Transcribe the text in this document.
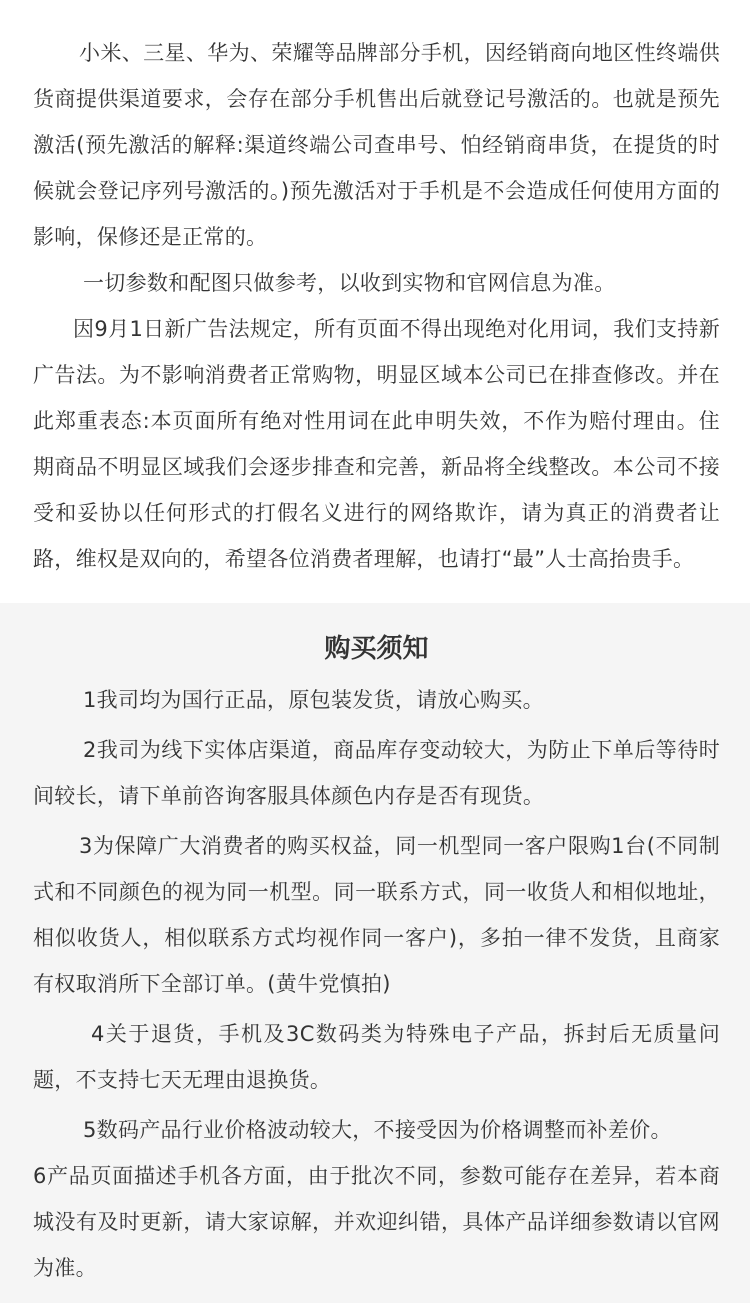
小米、三星、华为、荣耀等品牌部分手机，因经销商向地区性终端供货商提供渠道要求，会存在部分手机售出后就登记号激活的。也就是预先激活(预先激活的解释:渠道终端公司查串号、怕经销商串货，在提货的时候就会登记序列号激活的。)预先激活对于手机是不会造成任何使用方面的影响，保修还是正常的。

一切参数和配图只做参考，以收到实物和官网信息为准。

因9月1日新广告法规定，所有页面不得出现绝对化用词，我们支持新广告法。为不影响消费者正常购物，明显区域本公司已在排查修改。并在此郑重表态:本页面所有绝对性用词在此申明失效，不作为赔付理由。住期商品不明显区域我们会逐步排查和完善，新品将全线整改。本公司不接受和妥协以任何形式的打假名义进行的网络欺诈，请为真正的消费者让路，维权是双向的，希望各位消费者理解，也请打“最”人士高抬贵手。

购买须知

1我司均为国行正品，原包装发货，请放心购买。

2我司为线下实体店渠道，商品库存变动较大，为防止下单后等待时间较长，请下单前咨询客服具体颜色内存是否有现货。

3为保障广大消费者的购买权益，同一机型同一客户限购1台(不同制式和不同颜色的视为同一机型。同一联系方式，同一收货人和相似地址，相似收货人，相似联系方式均视作同一客户)，多拍一律不发货，且商家有权取消所下全部订单。(黄牛党慎拍)

4关于退货，手机及3C数码类为特殊电子产品，拆封后无质量问题，不支持七天无理由退换货。

5数码产品行业价格波动较大，不接受因为价格调整而补差价。

6产品页面描述手机各方面，由于批次不同，参数可能存在差异，若本商城没有及时更新，请大家谅解，并欢迎纠错，具体产品详细参数请以官网为准。
